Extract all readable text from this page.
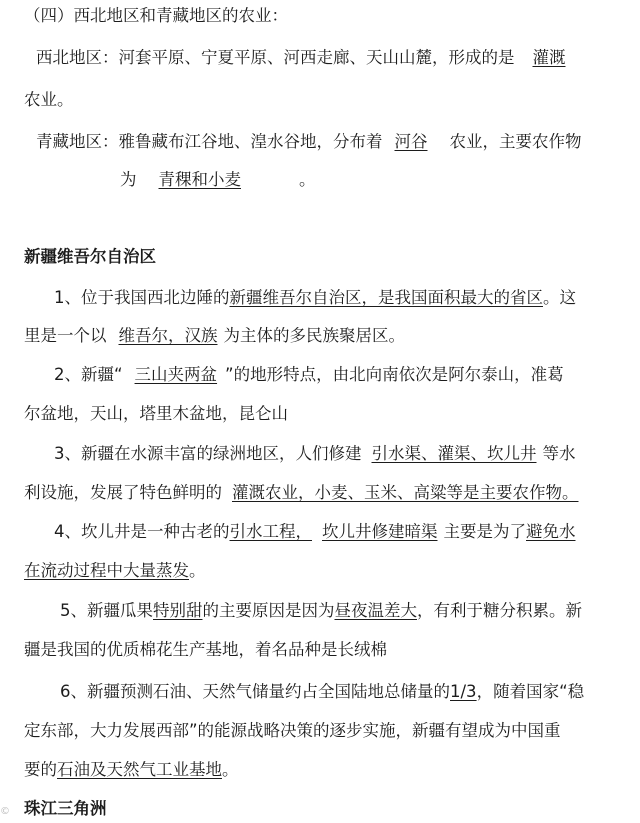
（四）西北地区和青藏地区的农业：
西北地区：河套平原、宁夏平原、河西走廊、天山山麓，形成的是 灌溉
农业。
青藏地区：雅鲁藏布江谷地、湟水谷地，分布着 河谷 农业，主要农作物
为 青稞和小麦	。
新疆维吾尔自治区
1、位于我国西北边陲的新疆维吾尔自治区，是我国面积最大的省区。这
里是一个以 维吾尔，汉族 为主体的多民族聚居区。
2、新疆“ 三山夹两盆 ”的地形特点，由北向南依次是阿尔泰山，准葛
尔盆地，天山，塔里木盆地，昆仑山
3、新疆在水源丰富的绿洲地区，人们修建 引水渠、灌渠、坎儿井 等水
利设施，发展了特色鲜明的 灌溉农业，小麦、玉米、高粱等是主要农作物。
4、坎儿井是一种古老的引水工程， 坎儿井修建暗渠 主要是为了避免水
在流动过程中大量蒸发。
5、新疆瓜果特别甜的主要原因是因为昼夜温差大，有利于糖分积累。新
疆是我国的优质棉花生产基地，着名品种是长绒棉
6、新疆预测石油、天然气储量约占全国陆地总储量的1/3，随着国家“稳
定东部，大力发展西部”的能源战略决策的逐步实施，新疆有望成为中国重
要的石油及天然气工业基地。
珠江三角洲
©
